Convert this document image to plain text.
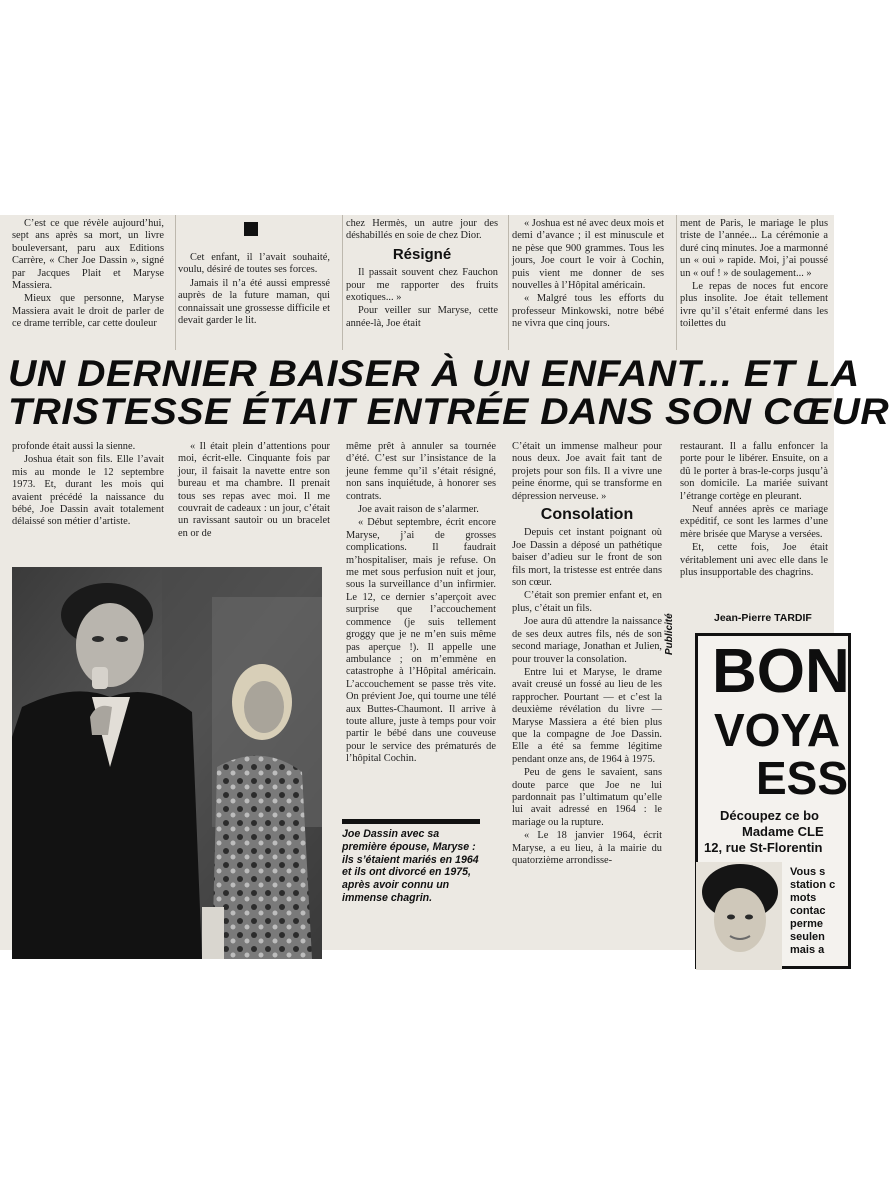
C’est ce que révèle aujourd’hui, sept ans après sa mort, un livre bouleversant, paru aux Editions Carrère, « Cher Joe Dassin », signé par Jacques Plait et Maryse Massiera.

Mieux que personne, Maryse Massiera avait le droit de parler de ce drame terrible, car cette douleur

Cet enfant, il l’avait souhaité, voulu, désiré de toutes ses forces.

Jamais il n’a été aussi empressé auprès de la future maman, qui connaissait une grossesse difficile et devait garder le lit.

chez Hermès, un autre jour des déshabillés en soie de chez Dior.

Résigné

Il passait souvent chez Fauchon pour me rapporter des fruits exotiques... »

Pour veiller sur Maryse, cette année-là, Joe était

« Joshua est né avec deux mois et demi d’avance ; il est minuscule et ne pèse que 900 grammes. Tous les jours, Joe court le voir à Cochin, puis vient me donner de ses nouvelles à l’Hôpital américain.

« Malgré tous les efforts du professeur Minkowski, notre bébé ne vivra que cinq jours.

ment de Paris, le mariage le plus triste de l’année... La cérémonie a duré cinq minutes. Joe a marmonné un « oui » rapide. Moi, j’ai poussé un « ouf ! » de soulagement... »

Le repas de noces fut encore plus insolite. Joe était tellement ivre qu’il s’était enfermé dans les toilettes du

UN DERNIER BAISER À UN ENFANT... ET LA
TRISTESSE ÉTAIT ENTRÉE DANS SON CŒUR

profonde était aussi la sienne.

Joshua était son fils. Elle l’avait mis au monde le 12 septembre 1973. Et, durant les mois qui avaient précédé la naissance du bébé, Joe Dassin avait totalement délaissé son métier d’artiste.

« Il était plein d’attentions pour moi, écrit-elle. Cinquante fois par jour, il faisait la navette entre son bureau et ma chambre. Il prenait tous ses repas avec moi. Il me couvrait de cadeaux : un jour, c’était un ravissant sautoir ou un bracelet en or de

même prêt à annuler sa tournée d’été. C’est sur l’insistance de la jeune femme qu’il s’était résigné, non sans inquiétude, à honorer ses contrats.

Joe avait raison de s’alarmer.

« Début septembre, écrit encore Maryse, j’ai de grosses complications. Il faudrait m’hospitaliser, mais je refuse. On me met sous perfusion nuit et jour, sous la surveillance d’un infirmier. Le 12, ce dernier s’aperçoit avec surprise que l’accouchement commence (je suis tellement groggy que je ne m’en suis même pas aperçue !). Il appelle une ambulance ; on m’emmène en catastrophe à l’Hôpital américain. L’accouchement se passe très vite. On prévient Joe, qui tourne une télé aux Buttes-Chaumont. Il arrive à toute allure, juste à temps pour voir partir le bébé dans une couveuse pour le service des prématurés de l’hôpital Cochin.

C’était un immense malheur pour nous deux. Joe avait fait tant de projets pour son fils. Il a vivre une peine énorme, qui se transforme en dépression nerveuse. »

Consolation

Depuis cet instant poignant où Joe Dassin a déposé un pathétique baiser d’adieu sur le front de son fils mort, la tristesse est entrée dans son cœur.

C’était son premier enfant et, en plus, c’était un fils.

Joe aura dû attendre la naissance de ses deux autres fils, nés de son second mariage, Jonathan et Julien, pour trouver la consolation.

Entre lui et Maryse, le drame avait creusé un fossé au lieu de les rapprocher. Pourtant — et c’est la deuxième révélation du livre — Maryse Massiera a été bien plus que la compagne de Joe Dassin. Elle a été sa femme légitime pendant onze ans, de 1964 à 1975.

Peu de gens le savaient, sans doute parce que Joe ne lui pardonnait pas l’ultimatum qu’elle lui avait adressé en 1964 : le mariage ou la rupture.

« Le 18 janvier 1964, écrit Maryse, a eu lieu, à la mairie du quatorzième arrondisse-

restaurant. Il a fallu enfoncer la porte pour le libérer. Ensuite, on a dû le porter à bras-le-corps jusqu’à son domicile. La mariée suivant l’étrange cortège en pleurant.

Neuf années après ce mariage expéditif, ce sont les larmes d’une mère brisée que Maryse a versées.

Et, cette fois, Joe était véritablement uni avec elle dans le plus insupportable des chagrins.

Jean-Pierre TARDIF
Joe Dassin avec sa première épouse, Maryse : ils s’étaient mariés en 1964 et ils ont divorcé en 1975, après avoir connu un immense chagrin.
Publicité
BON
VOYA
ESS
Découpez ce bo
Madame CLE
12, rue St-Florentin
Vous s
station c
mots
contac
perme
seulen
mais a
